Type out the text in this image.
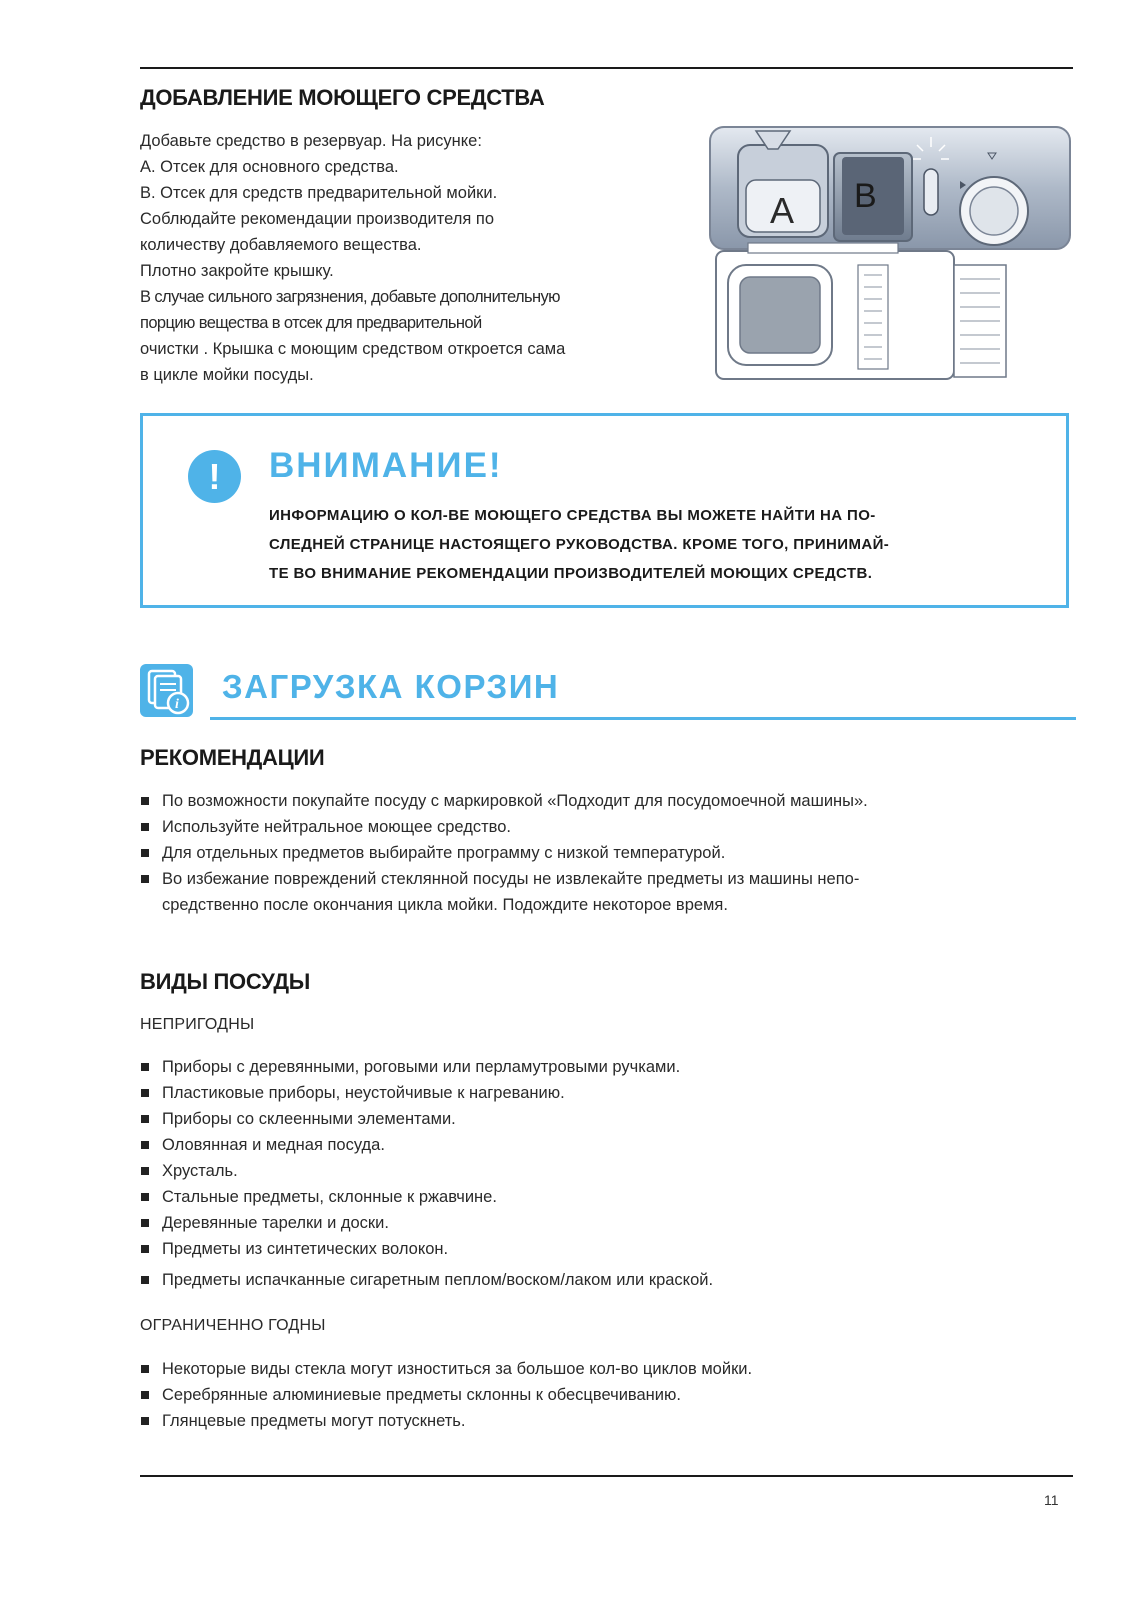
ДОБАВЛЕНИЕ МОЮЩЕГО СРЕДСТВА
Добавьте средство в резервуар. На рисунке:
А. Отсек для основного средства.
В. Отсек для средств предварительной мойки.
Соблюдайте рекомендации производителя по
количеству добавляемого вещества.
Плотно закройте крышку.
В случае сильного загрязнения, добавьте дополнительную
порцию вещества в отсек для предварительной
очистки . Крышка с моющим средством откроется сама
в цикле мойки посуды.
A B
!	ВНИМАНИЕ!

ИНФОРМАЦИЮ О КОЛ-ВЕ МОЮЩЕГО СРЕДСТВА ВЫ МОЖЕТЕ НАЙТИ НА ПО-
СЛЕДНЕЙ СТРАНИЦЕ НАСТОЯЩЕГО РУКОВОДСТВА. КРОМЕ ТОГО, ПРИНИМАЙ-
ТЕ ВО ВНИМАНИЕ РЕКОМЕНДАЦИИ ПРОИЗВОДИТЕЛЕЙ МОЮЩИХ СРЕДСТВ.

i ЗАГРУЗКА КОРЗИН
РЕКОМЕНДАЦИИ
По возможности покупайте посуду с маркировкой «Подходит для посудомоечной машины».
Используйте нейтральное моющее средство.
Для отдельных предметов выбирайте программу с низкой температурой.
Во избежание повреждений стеклянной посуды не извлекайте предметы из машины непо-
средственно после окончания цикла мойки. Подождите некоторое время.
ВИДЫ ПОСУДЫ

НЕПРИГОДНЫ

Приборы с деревянными, роговыми или перламутровыми ручками.
Пластиковые приборы, неустойчивые к нагреванию.
Приборы со склеенными элементами.
Оловянная и медная посуда.
Хрусталь.
Стальные предметы, склонные к ржавчине.
Деревянные тарелки и доски.
Предметы из синтетических волокон.
Предметы испачканные сигаретным пеплом/воском/лаком или краской.

ОГРАНИЧЕННО ГОДНЫ

Некоторые виды стекла могут изноститься за большое кол-во циклов мойки.
Серебрянные алюминиевые предметы склонны к обесцвечиванию.
Глянцевые предметы могут потускнеть.
11
